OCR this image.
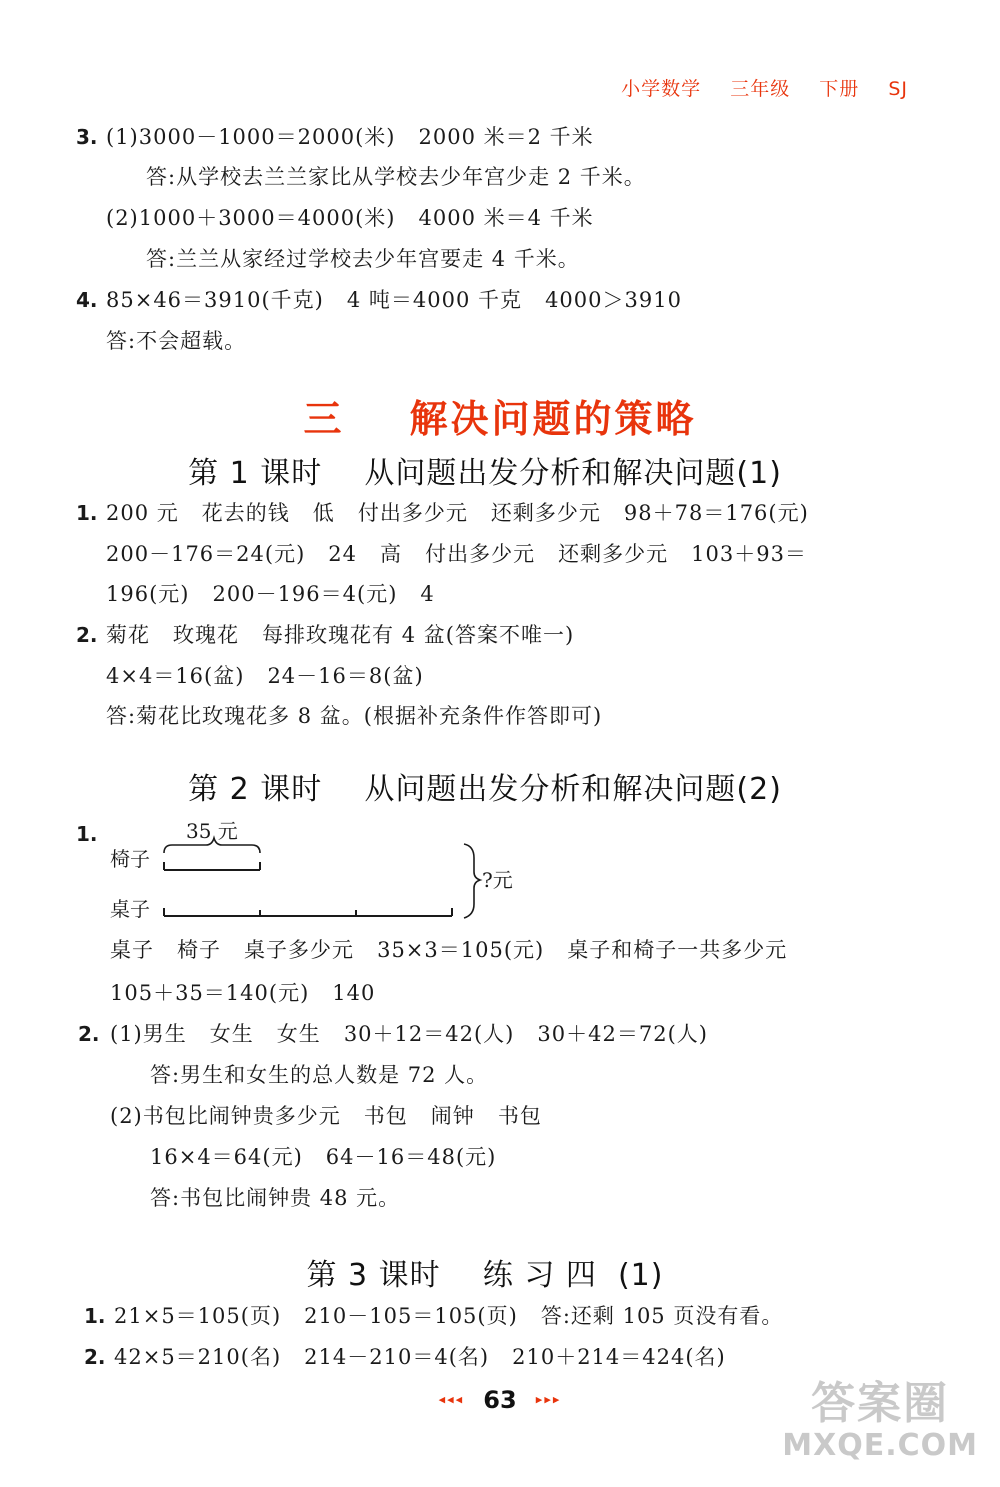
小学数学 三年级 下册 SJ
3. (1)3000－1000＝2000(米)   2000 米＝2 千米
答:从学校去兰兰家比从学校去少年宫少走 2 千米。
(2)1000＋3000＝4000(米)   4000 米＝4 千米
答:兰兰从家经过学校去少年宫要走 4 千米。
4. 85×46＝3910(千克)   4 吨＝4000 千克   4000＞3910
答:不会超载。
三    解决问题的策略
第 1 课时    从问题出发分析和解决问题(1)
1. 200 元   花去的钱   低   付出多少元   还剩多少元   98＋78＝176(元)
200－176＝24(元)   24   高   付出多少元   还剩多少元   103＋93＝
196(元)   200－196＝4(元)   4
2. 菊花   玫瑰花   每排玫瑰花有 4 盆(答案不唯一)
4×4＝16(盆)   24－16＝8(盆)
答:菊花比玫瑰花多 8 盆。(根据补充条件作答即可)
第 2 课时    从问题出发分析和解决问题(2)
1.	35 元
椅子
桌子
?元
桌子   椅子   桌子多少元   35×3＝105(元)   桌子和椅子一共多少元
105＋35＝140(元)   140
2. (1)男生   女生   女生   30＋12＝42(人)   30＋42＝72(人)
答:男生和女生的总人数是 72 人。
(2)书包比闹钟贵多少元   书包   闹钟   书包
16×4＝64(元)   64－16＝48(元)
答:书包比闹钟贵 48 元。
第 3 课时    练 习 四  (1)
1. 21×5＝105(页)   210－105＝105(页)   答:还剩 105 页没有看。
2. 42×5＝210(名)   214－210＝4(名)   210＋214＝424(名)
◂◂◂ 63 ▸▸▸	答案圈
MXQE.COM
